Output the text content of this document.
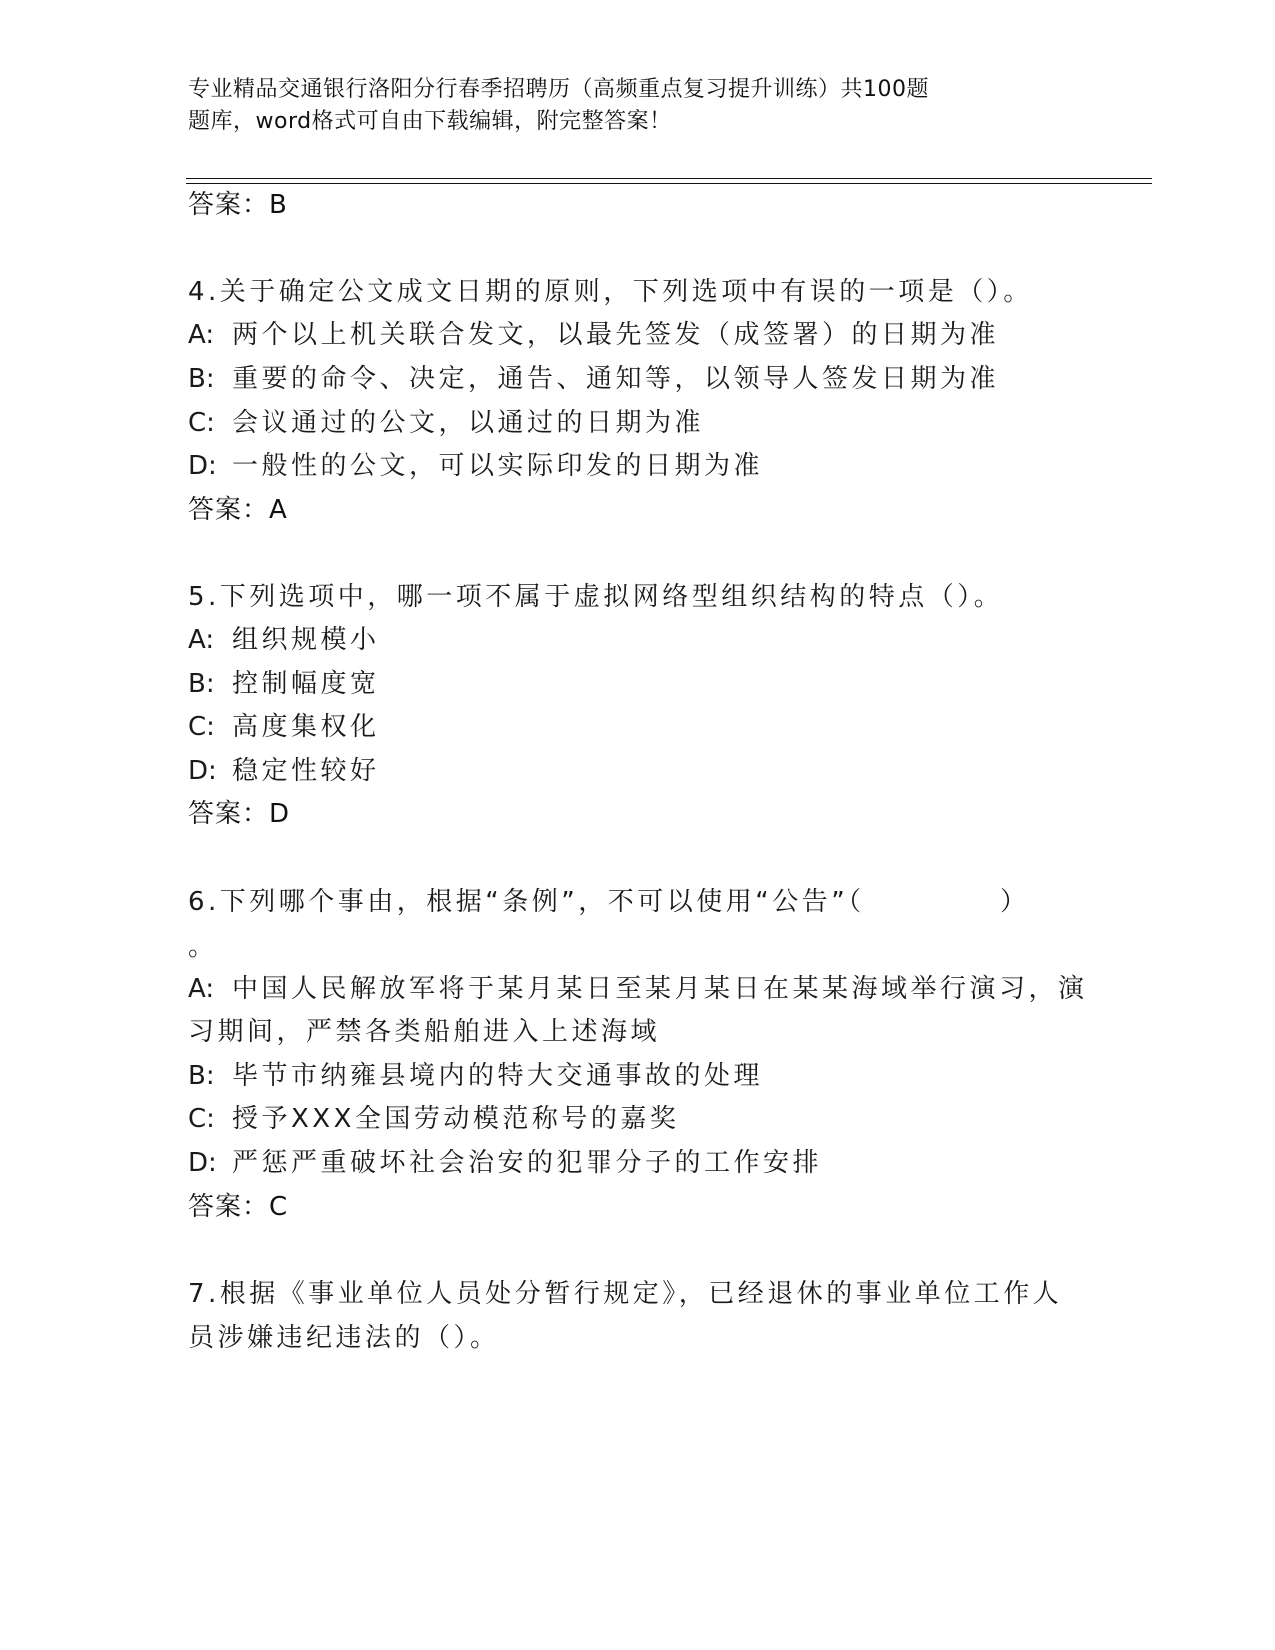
专业精品交通银行洛阳分行春季招聘历（高频重点复习提升训练）共100题
题库，word格式可自由下载编辑，附完整答案！
答案：B
4.关于确定公文成文日期的原则，下列选项中有误的一项是（）。
A: 两个以上机关联合发文，以最先签发（成签署）的日期为准
B: 重要的命令、决定，通告、通知等，以领导人签发日期为准
C: 会议通过的公文，以通过的日期为准
D: 一般性的公文，可以实际印发的日期为准
答案：A
5.下列选项中，哪一项不属于虚拟网络型组织结构的特点（）。
A: 组织规模小
B: 控制幅度宽
C: 高度集权化
D: 稳定性较好
答案：D
6.下列哪个事由，根据“条例”，不可以使用“公告”（	）
。
A: 中国人民解放军将于某月某日至某月某日在某某海域举行演习，演
习期间，严禁各类船舶进入上述海域
B: 毕节市纳雍县境内的特大交通事故的处理
C: 授予XXX全国劳动模范称号的嘉奖
D: 严惩严重破坏社会治安的犯罪分子的工作安排
答案：C
7.根据《事业单位人员处分暂行规定》，已经退休的事业单位工作人
员涉嫌违纪违法的（）。
